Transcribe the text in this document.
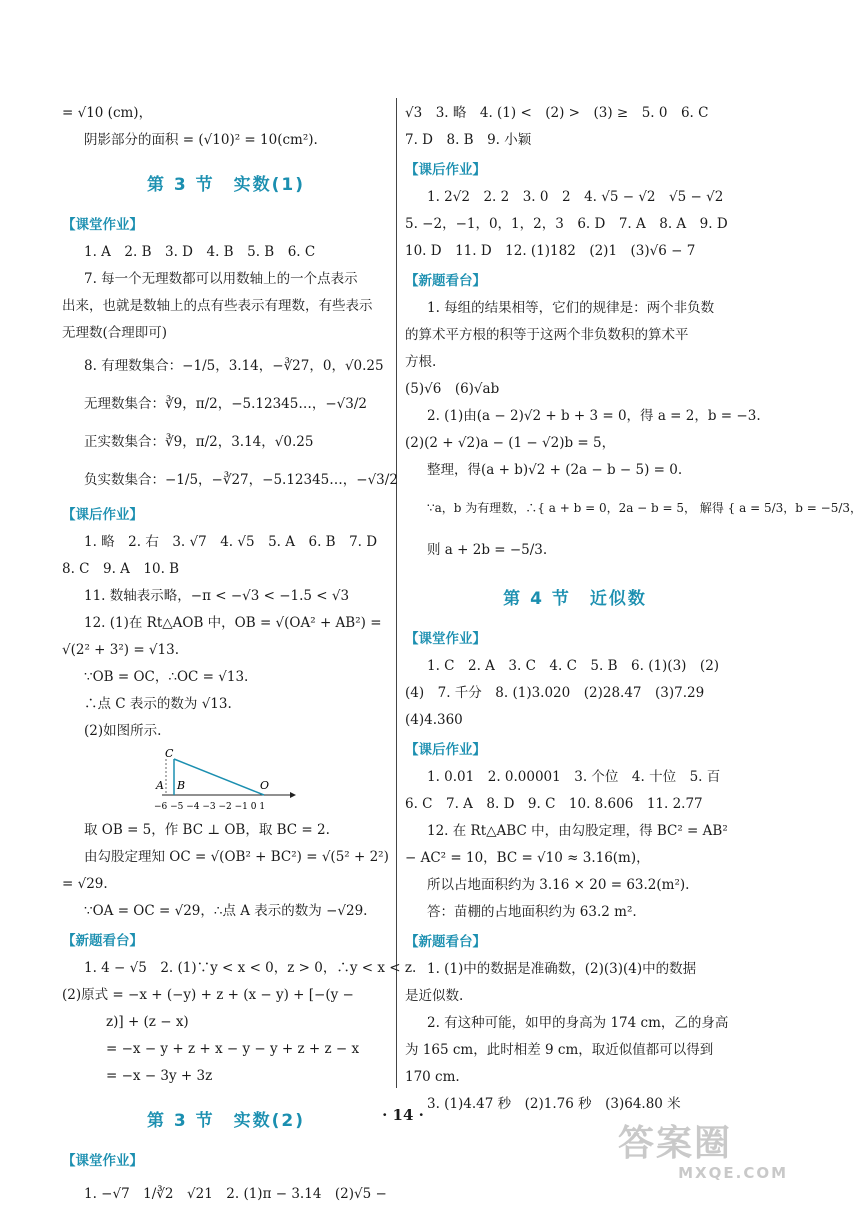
= √10 (cm)，
阴影部分的面积 = (√10)² = 10(cm²).
第 3 节　实数(1)
【课堂作业】
1. A　2. B　3. D　4. B　5. B　6. C
7. 每一个无理数都可以用数轴上的一个点表示
出来，也就是数轴上的点有些表示有理数，有些表示
无理数(合理即可)
8. 有理数集合：−1/5，3.14，−∛27，0，√0.25
无理数集合：∛9，π/2，−5.12345…，−√3/2
正实数集合：∛9，π/2，3.14，√0.25
负实数集合：−1/5，−∛27，−5.12345…，−√3/2
【课后作业】
1. 略　2. 右　3. √7　4. √5　5. A　6. B　7. D
8. C　9. A　10. B
11. 数轴表示略，−π < −√3 < −1.5 < √3
12. (1)在 Rt△AOB 中，OB = √(OA² + AB²) =
√(2² + 3²) = √13.
∵OB = OC，∴OC = √13.
∴点 C 表示的数为 √13.
(2)如图所示.
C
A B	O
−6 −5 −4 −3 −2 −1 0 1
取 OB = 5，作 BC ⊥ OB，取 BC = 2.
由勾股定理知 OC = √(OB² + BC²) = √(5² + 2²)
= √29.
∵OA = OC = √29，∴点 A 表示的数为 −√29.
【新题看台】
1. 4 − √5　2. (1)∵y < x < 0，z > 0，∴y < x < z.
(2)原式 = −x + (−y) + z + (x − y) + [−(y −
z)] + (z − x)
= −x − y + z + x − y − y + z + z − x
= −x − 3y + 3z
第 3 节　实数(2)
【课堂作业】
1. −√7　1/∛2　√21　2. (1)π − 3.14　(2)√5 −
√3　3. 略　4. (1) <　(2) >　(3) ≥　5. 0　6. C
7. D　8. B　9. 小颖
【课后作业】
1. 2√2　2. 2　3. 0　2　4. √5 − √2　√5 − √2
5. −2，−1，0，1，2，3　6. D　7. A　8. A　9. D
10. D　11. D　12. (1)182　(2)1　(3)√6 − 7
【新题看台】
1. 每组的结果相等，它们的规律是：两个非负数
的算术平方根的积等于这两个非负数积的算术平
方根.
(5)√6　(6)√ab
2. (1)由(a − 2)√2 + b + 3 = 0，得 a = 2，b = −3.
(2)(2 + √2)a − (1 − √2)b = 5，
整理，得(a + b)√2 + (2a − b − 5) = 0.
∵a，b 为有理数，∴{ a + b = 0，2a − b = 5， 解得 { a = 5/3，b = −5/3，
则 a + 2b = −5/3.
第 4 节　近似数
【课堂作业】
1. C　2. A　3. C　4. C　5. B　6. (1)(3)　(2)
(4)　7. 千分　8. (1)3.020　(2)28.47　(3)7.29
(4)4.360
【课后作业】
1. 0.01　2. 0.00001　3. 个位　4. 十位　5. 百
6. C　7. A　8. D　9. C　10. 8.606　11. 2.77
12. 在 Rt△ABC 中，由勾股定理，得 BC² = AB²
− AC² = 10，BC = √10 ≈ 3.16(m)，
所以占地面积约为 3.16 × 20 = 63.2(m²).
答：苗棚的占地面积约为 63.2 m².
【新题看台】
1. (1)中的数据是准确数，(2)(3)(4)中的数据
是近似数.
2. 有这种可能，如甲的身高为 174 cm，乙的身高
为 165 cm，此时相差 9 cm，取近似值都可以得到
170 cm.
3. (1)4.47 秒　(2)1.76 秒　(3)64.80 米
· 14 ·
答案圈
MXQE.COM
